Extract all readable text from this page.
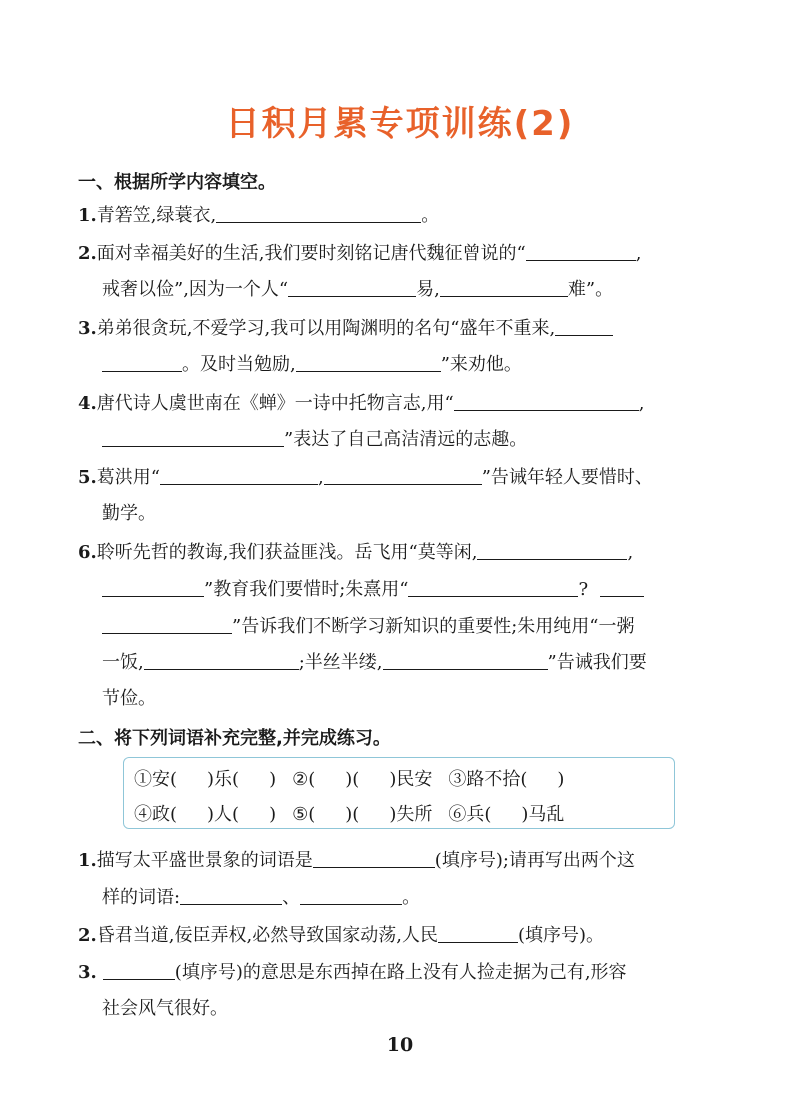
日积月累专项训练(2)
一、根据所学内容填空。
1.青箬笠,绿蓑衣,	。
2.面对幸福美好的生活,我们要时刻铭记唐代魏征曾说的“	,
戒奢以俭”,因为一个人“	易,	难”。
3.弟弟很贪玩,不爱学习,我可以用陶渊明的名句“盛年不重来,
。及时当勉励,	”来劝他。
4.唐代诗人虞世南在《蝉》一诗中托物言志,用“	,
”表达了自己高洁清远的志趣。
5.葛洪用“	,	”告诫年轻人要惜时、
勤学。
6.聆听先哲的教诲,我们获益匪浅。岳飞用“莫等闲,	,
”教育我们要惜时;朱熹用“	?
”告诉我们不断学习新知识的重要性;朱用纯用“一粥
一饭,	;半丝半缕,	”告诫我们要
节俭。
二、将下列词语补充完整,并完成练习。
①安( )乐( ) ②( )( )民安 ③路不拾( )
④政( )人( ) ⑤( )( )失所 ⑥兵( )马乱
1.描写太平盛世景象的词语是	(填序号);请再写出两个这
样的词语:	、	。
2.昏君当道,佞臣弄权,必然导致国家动荡,人民	(填序号)。
3.	(填序号)的意思是东西掉在路上没有人捡走据为己有,形容
社会风气很好。
10
